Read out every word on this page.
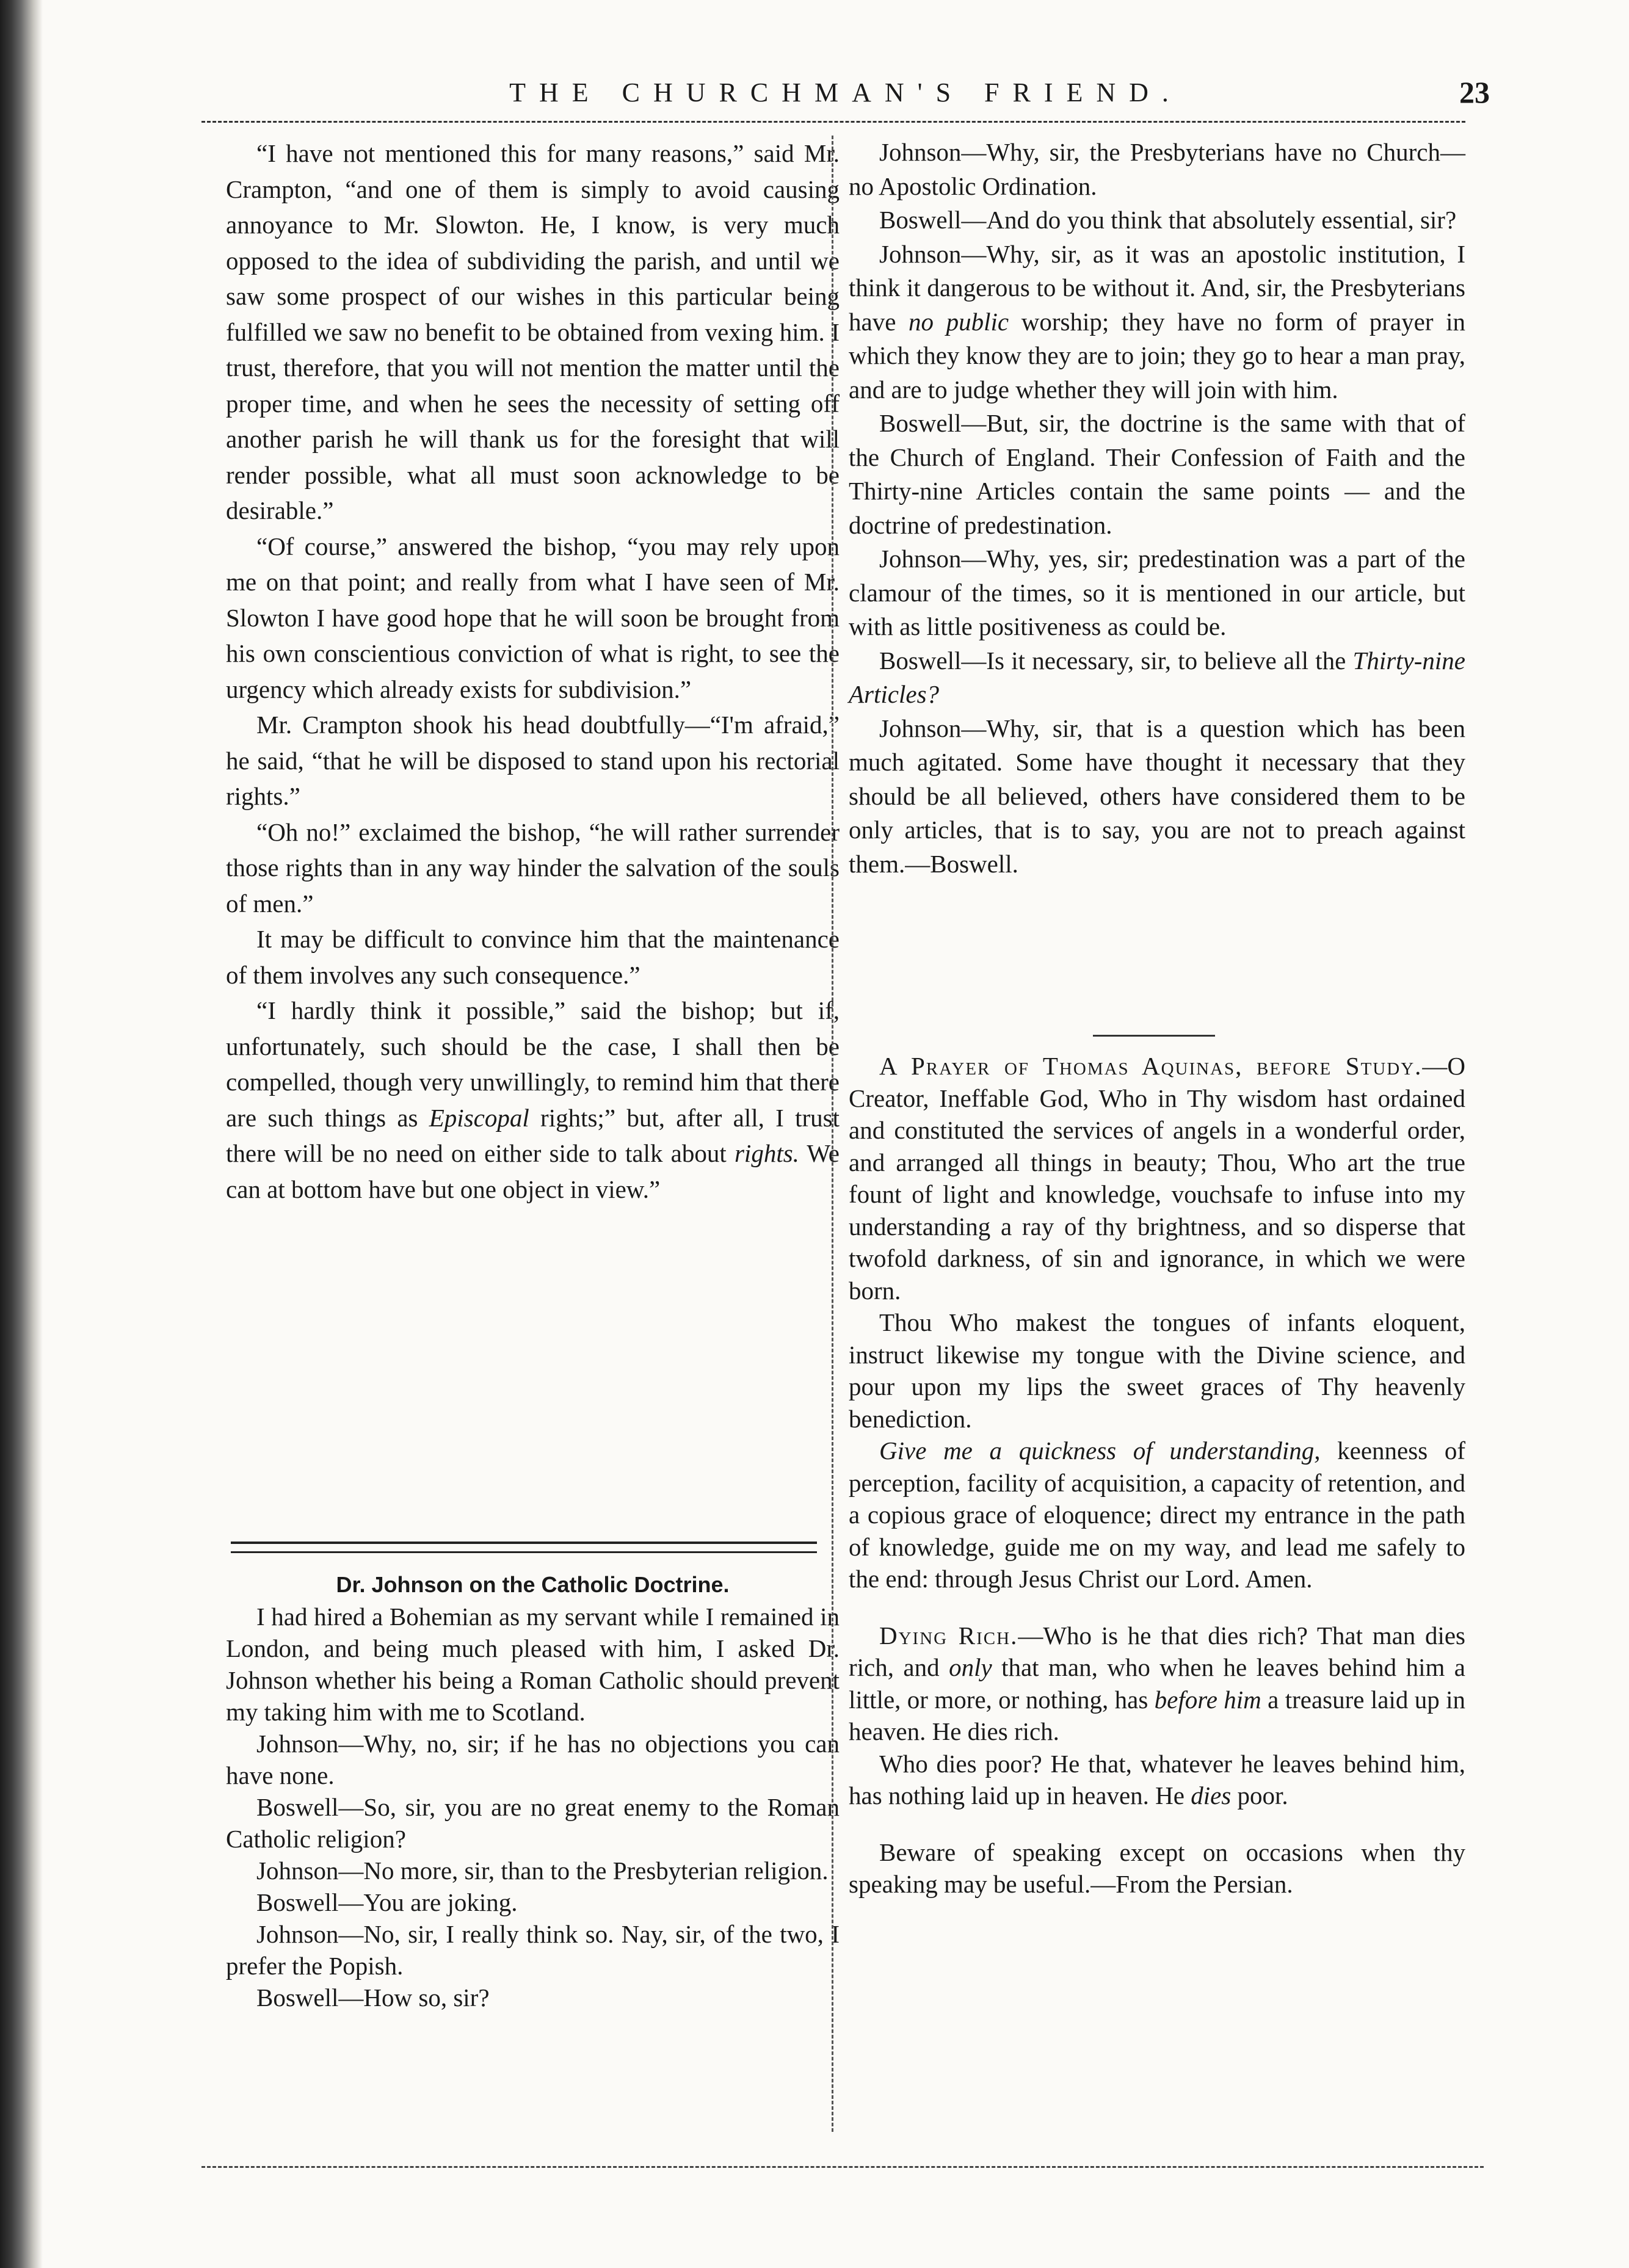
THE CHURCHMAN'S FRIEND.	23

“I have not mentioned this for many reasons,” said Mr. Crampton, “and one of them is simply to avoid causing annoyance to Mr. Slowton. He, I know, is very much opposed to the idea of subdividing the parish, and until we saw some prospect of our wishes in this particular being fulfilled we saw no benefit to be obtained from vexing him. I trust, therefore, that you will not mention the matter until the proper time, and when he sees the necessity of setting off another parish he will thank us for the foresight that will render possible, what all must soon acknowledge to be desirable.”

“Of course,” answered the bishop, “you may rely upon me on that point; and really from what I have seen of Mr. Slowton I have good hope that he will soon be brought from his own conscientious conviction of what is right, to see the urgency which already exists for subdivision.”

Mr. Crampton shook his head doubtfully—“I'm afraid,” he said, “that he will be disposed to stand upon his rectorial rights.”

“Oh no!” exclaimed the bishop, “he will rather surrender those rights than in any way hinder the salvation of the souls of men.”

It may be difficult to convince him that the maintenance of them involves any such consequence.”

“I hardly think it possible,” said the bishop; but if, unfortunately, such should be the case, I shall then be compelled, though very unwillingly, to remind him that there are such things as Episcopal rights;” but, after all, I trust there will be no need on either side to talk about rights. We can at bottom have but one object in view.”

Dr. Johnson on the Catholic Doctrine.

I had hired a Bohemian as my servant while I remained in London, and being much pleased with him, I asked Dr. Johnson whether his being a Roman Catholic should prevent my taking him with me to Scotland.

Johnson—Why, no, sir; if he has no objections you can have none.

Boswell—So, sir, you are no great enemy to the Roman Catholic religion?

Johnson—No more, sir, than to the Presbyterian religion.

Boswell—You are joking.

Johnson—No, sir, I really think so. Nay, sir, of the two, I prefer the Popish.

Boswell—How so, sir?

Johnson—Why, sir, the Presbyterians have no Church—no Apostolic Ordination.

Boswell—And do you think that absolutely essential, sir?

Johnson—Why, sir, as it was an apostolic institution, I think it dangerous to be without it. And, sir, the Presbyterians have no public worship; they have no form of prayer in which they know they are to join; they go to hear a man pray, and are to judge whether they will join with him.

Boswell—But, sir, the doctrine is the same with that of the Church of England. Their Confession of Faith and the Thirty-nine Articles contain the same points — and the doctrine of predestination.

Johnson—Why, yes, sir; predestination was a part of the clamour of the times, so it is mentioned in our article, but with as little positiveness as could be.

Boswell—Is it necessary, sir, to believe all the Thirty-nine Articles?

Johnson—Why, sir, that is a question which has been much agitated. Some have thought it necessary that they should be all believed, others have considered them to be only articles, that is to say, you are not to preach against them.—Boswell.

A Prayer of Thomas Aquinas, before Study.—O Creator, Ineffable God, Who in Thy wisdom hast ordained and constituted the services of angels in a wonderful order, and arranged all things in beauty; Thou, Who art the true fount of light and knowledge, vouchsafe to infuse into my understanding a ray of thy brightness, and so disperse that twofold darkness, of sin and ignorance, in which we were born.

Thou Who makest the tongues of infants eloquent, instruct likewise my tongue with the Divine science, and pour upon my lips the sweet graces of Thy heavenly benediction.

Give me a quickness of understanding, keenness of perception, facility of acquisition, a capacity of retention, and a copious grace of eloquence; direct my entrance in the path of knowledge, guide me on my way, and lead me safely to the end: through Jesus Christ our Lord. Amen.

Dying Rich.—Who is he that dies rich? That man dies rich, and only that man, who when he leaves behind him a little, or more, or nothing, has before him a treasure laid up in heaven. He dies rich.

Who dies poor? He that, whatever he leaves behind him, has nothing laid up in heaven. He dies poor.

Beware of speaking except on occasions when thy speaking may be useful.—From the Persian.
